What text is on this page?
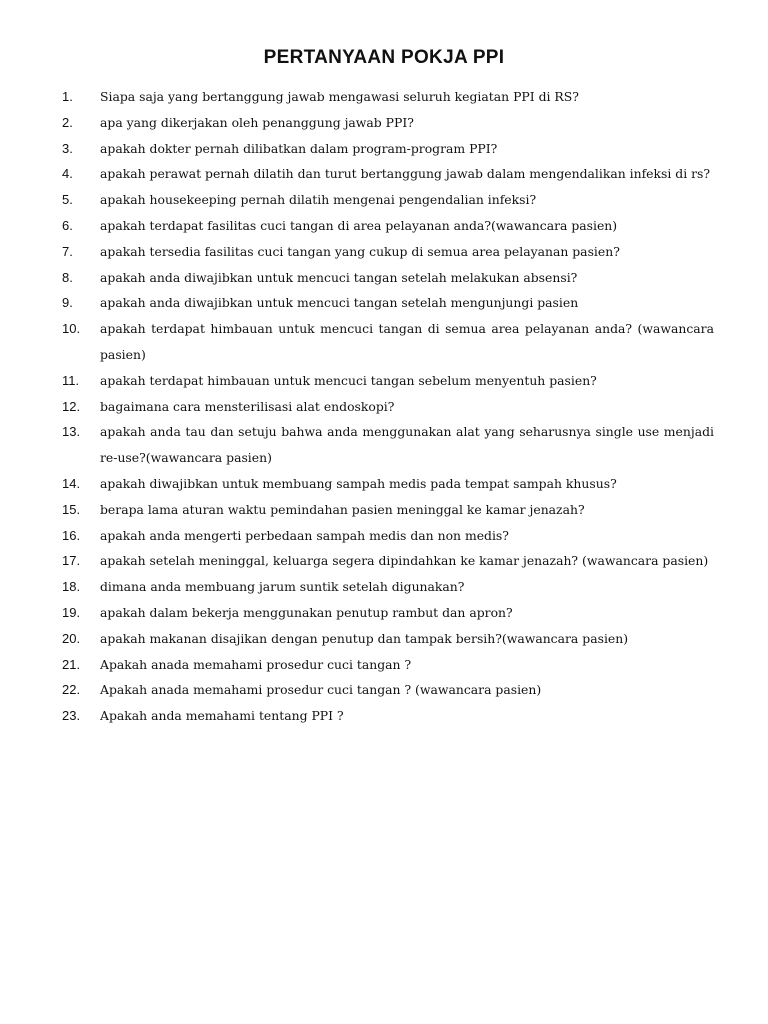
PERTANYAAN POKJA PPI
1.	Siapa saja yang bertanggung jawab mengawasi seluruh kegiatan PPI di RS?
2.	apa yang dikerjakan oleh penanggung jawab PPI?
3.	apakah dokter pernah dilibatkan dalam program-program PPI?
4.	apakah perawat pernah dilatih dan turut bertanggung jawab dalam mengendalikan infeksi di rs?
5.	apakah housekeeping pernah dilatih mengenai pengendalian infeksi?
6.	apakah terdapat fasilitas cuci tangan di area pelayanan anda?(wawancara pasien)
7.	apakah tersedia fasilitas cuci tangan yang cukup di semua area pelayanan pasien?
8.	apakah anda diwajibkan untuk mencuci tangan setelah melakukan absensi?
9.	apakah anda diwajibkan untuk mencuci tangan setelah mengunjungi pasien
10.	apakah terdapat himbauan untuk mencuci tangan di semua area pelayanan anda? (wawancara pasien)
11.	apakah terdapat himbauan untuk mencuci tangan sebelum menyentuh pasien?
12.	bagaimana cara mensterilisasi alat endoskopi?
13.	apakah anda tau dan setuju bahwa anda menggunakan alat yang seharusnya single use menjadi re-use?(wawancara pasien)
14.	apakah diwajibkan untuk membuang sampah medis pada tempat sampah khusus?
15.	berapa lama aturan waktu pemindahan pasien meninggal ke kamar jenazah?
16.	apakah anda mengerti perbedaan sampah medis dan non medis?
17.	apakah setelah meninggal, keluarga segera dipindahkan ke kamar jenazah? (wawancara pasien)
18.	dimana anda membuang jarum suntik setelah digunakan?
19.	apakah dalam bekerja menggunakan penutup rambut dan apron?
20.	apakah makanan disajikan dengan penutup dan tampak bersih?(wawancara pasien)
21.	Apakah anada memahami prosedur cuci tangan ?
22.	Apakah anada memahami prosedur cuci tangan ? (wawancara pasien)
23.	Apakah anda memahami tentang PPI ?
